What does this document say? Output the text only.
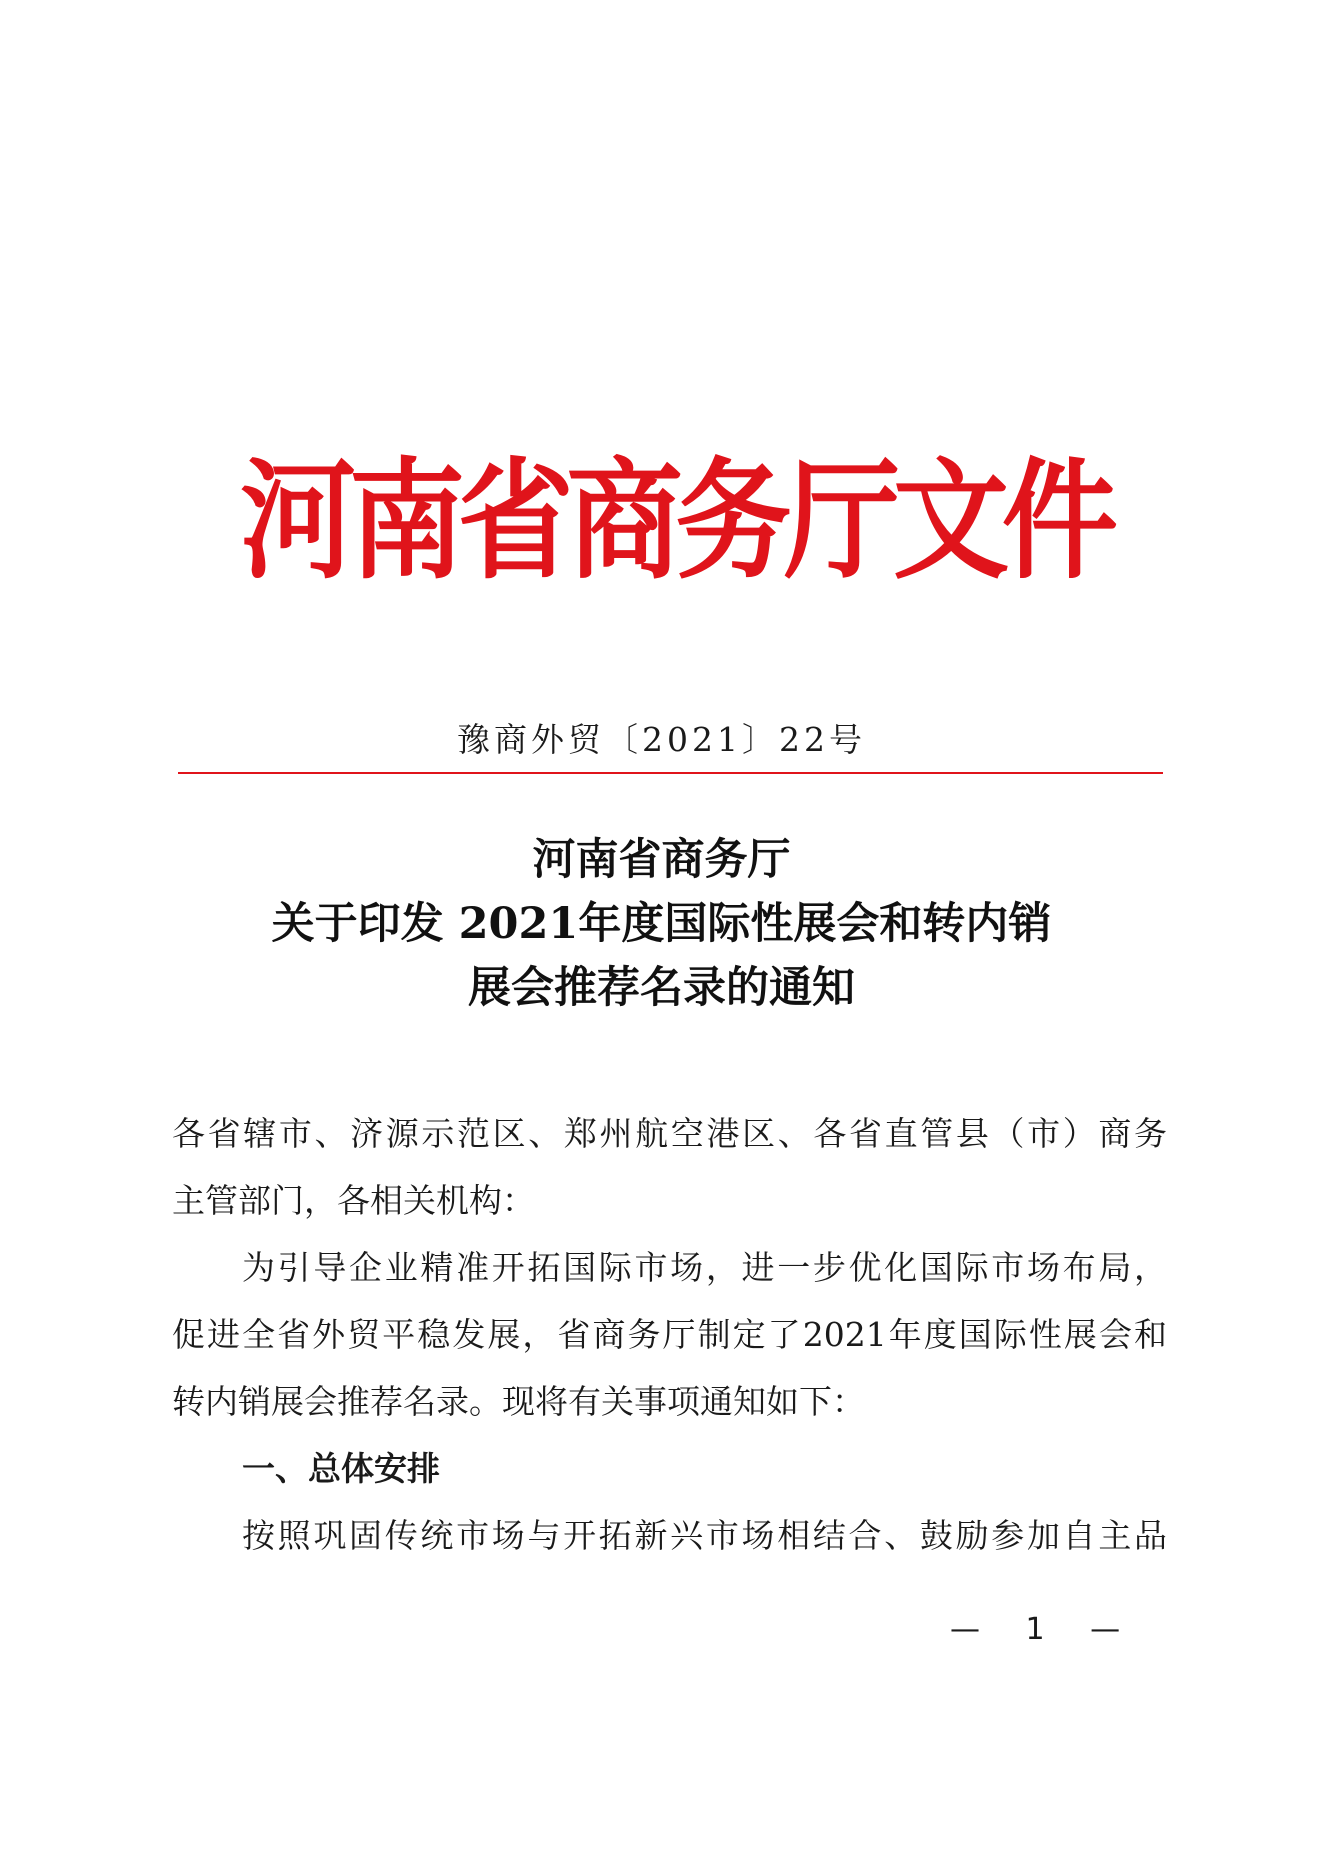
河
南
省
商
务
厅
文
件
豫商外贸〔2021〕22号
河南省商务厅
关于印发 2021年度国际性展会和转内销
展会推荐名录的通知
各省辖市、济源示范区、郑州航空港区、各省直管县（市）商务
主管部门，各相关机构：
为引导企业精准开拓国际市场，进一步优化国际市场布局，
促进全省外贸平稳发展，省商务厅制定了2021年度国际性展会和
转内销展会推荐名录。现将有关事项通知如下：
一、总体安排
按照巩固传统市场与开拓新兴市场相结合、鼓励参加自主品
— 1 —
